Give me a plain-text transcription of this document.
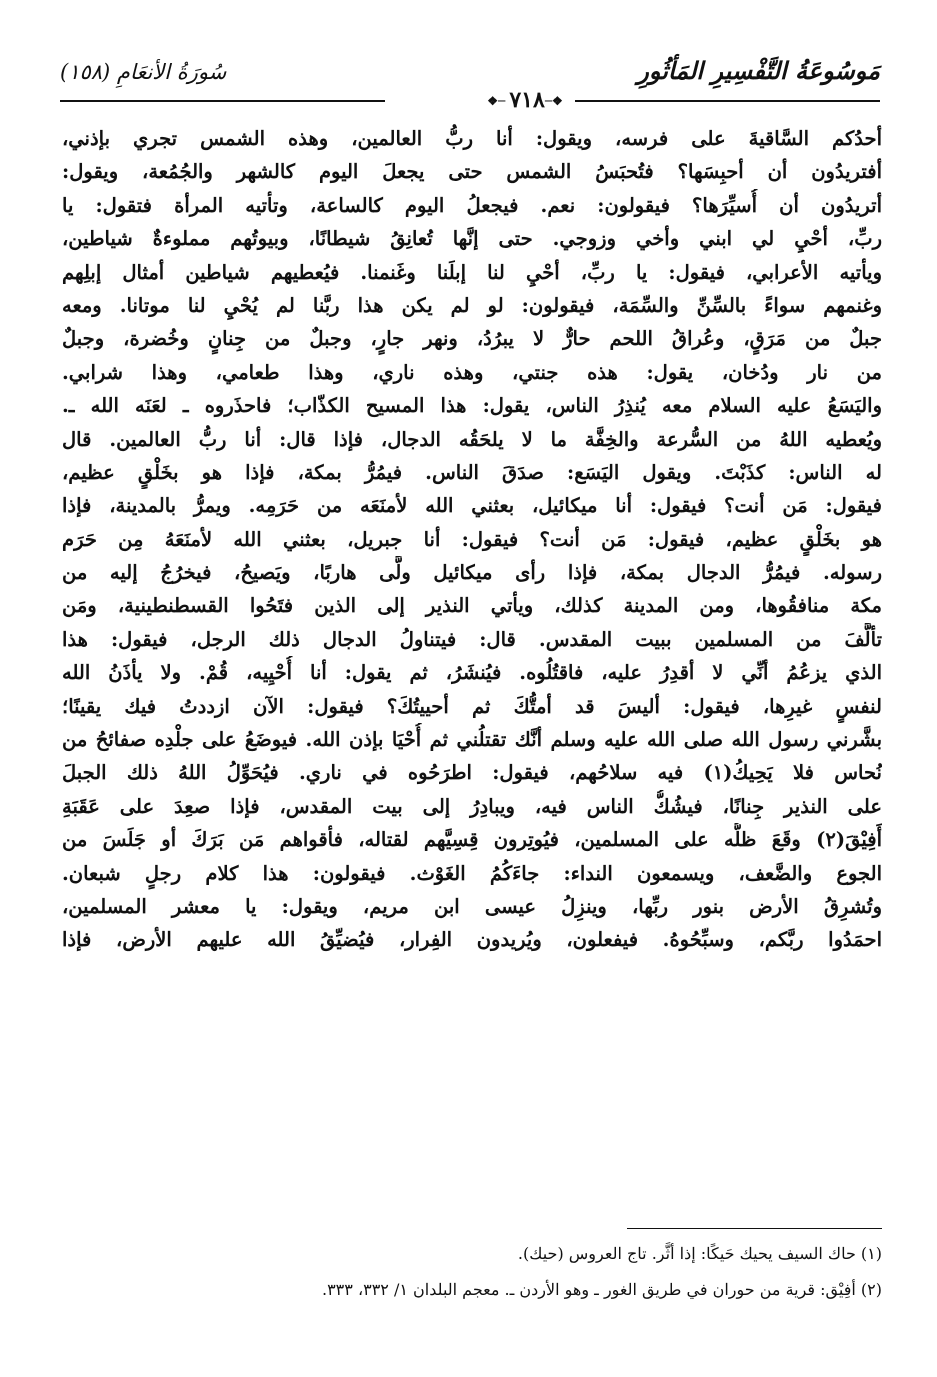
مَوسُوعَةُ التَّفْسِيرِ المَأثُورِ
سُورَةُ الأنعَامِ (١٥٨)
❖─ ٧١٨ ─❖
أحدُكم السَّاقيةَ على فرسه، ويقول: أنا ربُّ العالمين، وهذه الشمس تجري بإذني،
أفتريدُون أن أحبِسَها؟ فتُحبَسُ الشمس حتى يجعلَ اليوم كالشهر والجُمُعة، ويقول:
أتريدُون أن أُسيِّرَها؟ فيقولون: نعم. فيجعلُ اليوم كالساعة، وتأتيه المرأة فتقول: يا
ربِّ، أحْيِ لي ابني وأخي وزوجي. حتى إنَّها تُعانِقُ شيطانًا، وبيوتُهم مملوءةٌ شياطين،
ويأتيه الأعرابي، فيقول: يا ربِّ، أحْيِ لنا إبلَنا وغَنمنا. فيُعطيهم شياطين أمثال إبلِهم
وغنمهم سواءً بالسِّنِّ والسِّمَة، فيقولون: لو لم يكن هذا ربَّنا لم يُحْيِ لنا موتانا. ومعه
جبلٌ من مَرَقٍ، وعُراقُ اللحم حارٌّ لا يبرُدُ، ونهر جارٍ، وجبلٌ من جِنانٍ وخُضرة، وجبلٌ
من نار ودُخان، يقول: هذه جنتي، وهذه ناري، وهذا طعامي، وهذا شرابي.
واليَسَعُ عليه السلام معه يُنذِرُ الناس، يقول: هذا المسيح الكذّاب؛ فاحذَروه ـ لعَنَه الله ـ.
ويُعطيه اللهُ من السُّرعة والخِفَّة ما لا يلحَقُه الدجال، فإذا قال: أنا ربُّ العالمين. قال
له الناس: كذَبْتَ. ويقول اليَسَع: صدَقَ الناس. فيمُرُّ بمكة، فإذا هو بخَلْقٍ عظيم،
فيقول: مَن أنت؟ فيقول: أنا ميكائيل، بعثني الله لأمنَعَه من حَرَمِه. ويمرُّ بالمدينة، فإذا
هو بخَلْقٍ عظيم، فيقول: مَن أنت؟ فيقول: أنا جبريل، بعثني الله لأمنَعَهُ مِن حَرَم
رسوله. فيمُرُّ الدجال بمكة، فإذا رأى ميكائيل ولَّى هاربًا، ويَصيحُ، فيخرُجُ إليه من
مكة منافقُوها، ومن المدينة كذلك، ويأتي النذير إلى الذين فتَحُوا القسطنطينية، ومَن
تألَّفَ من المسلمين ببيت المقدس. قال: فيتناولُ الدجال ذلك الرجل، فيقول: هذا
الذي يزعُمُ أنِّي لا أقدِرُ عليه، فاقتُلُوه. فيُنشَرُ، ثم يقول: أنا أُحْيِيه، قُمْ. ولا يأذَنُ الله
لنفسٍ غيرِها، فيقول: أليسَ قد أمتُّكَ ثم أحييتُكَ؟ فيقول: الآن ازددتُ فيك يقينًا؛
بشَّرني رسول الله صلى الله عليه وسلم أنَّك تقتلُني ثم أُحْيَا بإذن الله. فيوضَعُ على جلْدِه صفائحُ من
نُحاس فلا يَحِيكُ(١) فيه سلاحُهم، فيقول: اطرَحُوه في ناري. فيُحَوِّلُ اللهُ ذلك الجبلَ
على النذير جِنانًا، فيشُكُّ الناس فيه، ويبادِرُ إلى بيت المقدس، فإذا صعِدَ على عَقَبَةِ
أَفِيْقَ(٢) وقَعَ ظلُّه على المسلمين، فيُوتِرون قِسِيَّهم لقتاله، فأقواهم مَن بَرَكَ أو جَلَسَ من
الجوع والضَّعف، ويسمعون النداء: جاءَكُمُ الغَوْث. فيقولون: هذا كلام رجلٍ شبعان.
وتُشرِقُ الأرض بنور ربِّها، وينزِلُ عيسى ابن مريم، ويقول: يا معشر المسلمين،
احمَدُوا ربَّكم، وسبِّحُوهُ. فيفعلون، ويُريدون الفِرار، فيُضيِّقُ الله عليهم الأرض، فإذا
(١) حاك السيف يحيك حَيكًا: إذا أثَّر. تاج العروس (حيك).
(٢) أفِيْق: قرية من حوران في طريق الغور ـ وهو الأردن ـ. معجم البلدان ١/ ٣٣٢، ٣٣٣.
